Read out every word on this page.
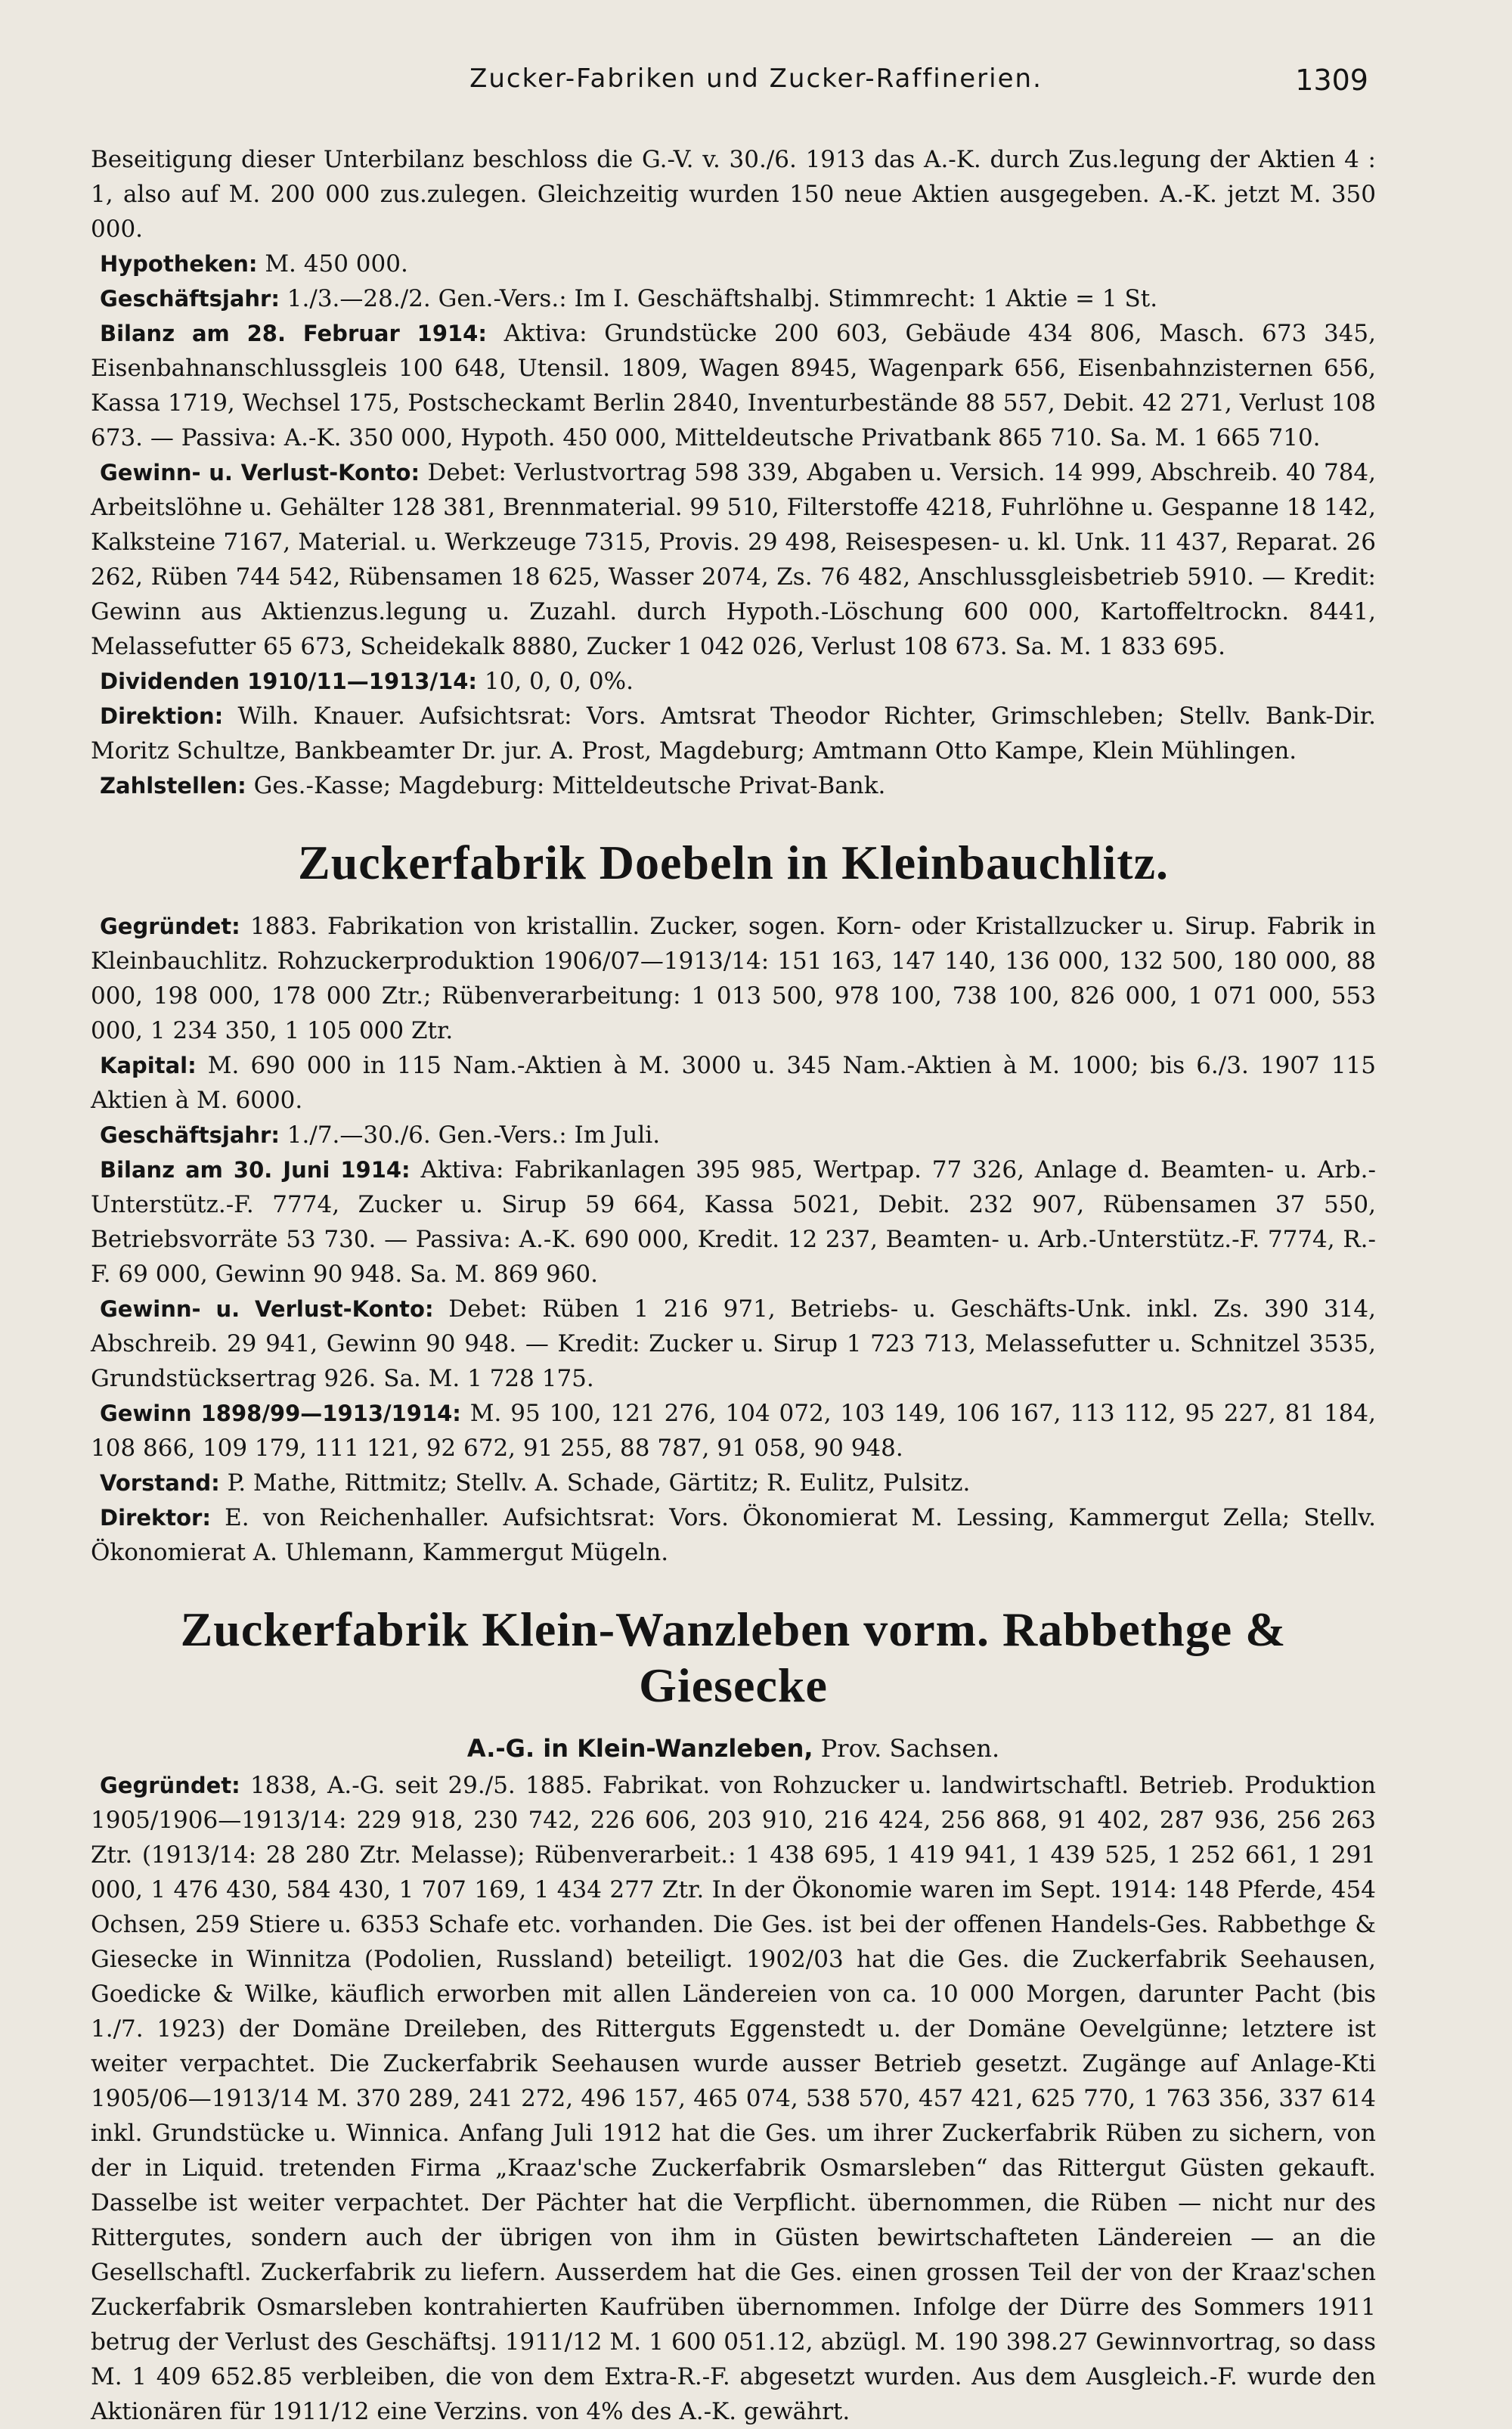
Zucker-Fabriken und Zucker-Raffinerien.	1309

Beseitigung dieser Unterbilanz beschloss die G.-V. v. 30./6. 1913 das A.-K. durch Zus.legung der Aktien 4 : 1, also auf M. 200 000 zus.zulegen. Gleichzeitig wurden 150 neue Aktien ausgegeben. A.-K. jetzt M. 350 000.

Hypotheken: M. 450 000.

Geschäftsjahr: 1./3.—28./2. Gen.-Vers.: Im I. Geschäftshalbj. Stimmrecht: 1 Aktie = 1 St.

Bilanz am 28. Februar 1914: Aktiva: Grundstücke 200 603, Gebäude 434 806, Masch. 673 345, Eisenbahnanschlussgleis 100 648, Utensil. 1809, Wagen 8945, Wagenpark 656, Eisenbahnzisternen 656, Kassa 1719, Wechsel 175, Postscheckamt Berlin 2840, Inventurbestände 88 557, Debit. 42 271, Verlust 108 673. — Passiva: A.-K. 350 000, Hypoth. 450 000, Mitteldeutsche Privatbank 865 710. Sa. M. 1 665 710.

Gewinn- u. Verlust-Konto: Debet: Verlustvortrag 598 339, Abgaben u. Versich. 14 999, Abschreib. 40 784, Arbeitslöhne u. Gehälter 128 381, Brennmaterial. 99 510, Filterstoffe 4218, Fuhrlöhne u. Gespanne 18 142, Kalksteine 7167, Material. u. Werkzeuge 7315, Provis. 29 498, Reisespesen- u. kl. Unk. 11 437, Reparat. 26 262, Rüben 744 542, Rübensamen 18 625, Wasser 2074, Zs. 76 482, Anschlussgleisbetrieb 5910. — Kredit: Gewinn aus Aktienzus.legung u. Zuzahl. durch Hypoth.-Löschung 600 000, Kartoffeltrockn. 8441, Melassefutter 65 673, Scheidekalk 8880, Zucker 1 042 026, Verlust 108 673. Sa. M. 1 833 695.

Dividenden 1910/11—1913/14: 10, 0, 0, 0%.

Direktion: Wilh. Knauer. Aufsichtsrat: Vors. Amtsrat Theodor Richter, Grimschleben; Stellv. Bank-Dir. Moritz Schultze, Bankbeamter Dr. jur. A. Prost, Magdeburg; Amtmann Otto Kampe, Klein Mühlingen.

Zahlstellen: Ges.-Kasse; Magdeburg: Mitteldeutsche Privat-Bank.

Zuckerfabrik Doebeln in Kleinbauchlitz.

Gegründet: 1883. Fabrikation von kristallin. Zucker, sogen. Korn- oder Kristallzucker u. Sirup. Fabrik in Kleinbauchlitz. Rohzuckerproduktion 1906/07—1913/14: 151 163, 147 140, 136 000, 132 500, 180 000, 88 000, 198 000, 178 000 Ztr.; Rübenverarbeitung: 1 013 500, 978 100, 738 100, 826 000, 1 071 000, 553 000, 1 234 350, 1 105 000 Ztr.

Kapital: M. 690 000 in 115 Nam.-Aktien à M. 3000 u. 345 Nam.-Aktien à M. 1000; bis 6./3. 1907 115 Aktien à M. 6000.

Geschäftsjahr: 1./7.—30./6. Gen.-Vers.: Im Juli.

Bilanz am 30. Juni 1914: Aktiva: Fabrikanlagen 395 985, Wertpap. 77 326, Anlage d. Beamten- u. Arb.-Unterstütz.-F. 7774, Zucker u. Sirup 59 664, Kassa 5021, Debit. 232 907, Rübensamen 37 550, Betriebsvorräte 53 730. — Passiva: A.-K. 690 000, Kredit. 12 237, Beamten- u. Arb.-Unterstütz.-F. 7774, R.-F. 69 000, Gewinn 90 948. Sa. M. 869 960.

Gewinn- u. Verlust-Konto: Debet: Rüben 1 216 971, Betriebs- u. Geschäfts-Unk. inkl. Zs. 390 314, Abschreib. 29 941, Gewinn 90 948. — Kredit: Zucker u. Sirup 1 723 713, Melassefutter u. Schnitzel 3535, Grundstücksertrag 926. Sa. M. 1 728 175.

Gewinn 1898/99—1913/1914: M. 95 100, 121 276, 104 072, 103 149, 106 167, 113 112, 95 227, 81 184, 108 866, 109 179, 111 121, 92 672, 91 255, 88 787, 91 058, 90 948.

Vorstand: P. Mathe, Rittmitz; Stellv. A. Schade, Gärtitz; R. Eulitz, Pulsitz.

Direktor: E. von Reichenhaller. Aufsichtsrat: Vors. Ökonomierat M. Lessing, Kammergut Zella; Stellv. Ökonomierat A. Uhlemann, Kammergut Mügeln.

Zuckerfabrik Klein-Wanzleben vorm. Rabbethge & Giesecke

A.-G. in Klein-Wanzleben, Prov. Sachsen.

Gegründet: 1838, A.-G. seit 29./5. 1885. Fabrikat. von Rohzucker u. landwirtschaftl. Betrieb. Produktion 1905/1906—1913/14: 229 918, 230 742, 226 606, 203 910, 216 424, 256 868, 91 402, 287 936, 256 263 Ztr. (1913/14: 28 280 Ztr. Melasse); Rübenverarbeit.: 1 438 695, 1 419 941, 1 439 525, 1 252 661, 1 291 000, 1 476 430, 584 430, 1 707 169, 1 434 277 Ztr. In der Ökonomie waren im Sept. 1914: 148 Pferde, 454 Ochsen, 259 Stiere u. 6353 Schafe etc. vorhanden. Die Ges. ist bei der offenen Handels-Ges. Rabbethge & Giesecke in Winnitza (Podolien, Russland) beteiligt. 1902/03 hat die Ges. die Zuckerfabrik Seehausen, Goedicke & Wilke, käuflich erworben mit allen Ländereien von ca. 10 000 Morgen, darunter Pacht (bis 1./7. 1923) der Domäne Dreileben, des Ritterguts Eggenstedt u. der Domäne Oevelgünne; letztere ist weiter verpachtet. Die Zuckerfabrik Seehausen wurde ausser Betrieb gesetzt. Zugänge auf Anlage-Kti 1905/06—1913/14 M. 370 289, 241 272, 496 157, 465 074, 538 570, 457 421, 625 770, 1 763 356, 337 614 inkl. Grundstücke u. Winnica. Anfang Juli 1912 hat die Ges. um ihrer Zuckerfabrik Rüben zu sichern, von der in Liquid. tretenden Firma „Kraaz'sche Zuckerfabrik Osmarsleben“ das Rittergut Güsten gekauft. Dasselbe ist weiter verpachtet. Der Pächter hat die Verpflicht. übernommen, die Rüben — nicht nur des Rittergutes, sondern auch der übrigen von ihm in Güsten bewirtschafteten Ländereien — an die Gesellschaftl. Zuckerfabrik zu liefern. Ausserdem hat die Ges. einen grossen Teil der von der Kraaz'schen Zuckerfabrik Osmarsleben kontrahierten Kaufrüben übernommen. Infolge der Dürre des Sommers 1911 betrug der Verlust des Geschäftsj. 1911/12 M. 1 600 051.12, abzügl. M. 190 398.27 Gewinnvortrag, so dass M. 1 409 652.85 verbleiben, die von dem Extra-R.-F. abgesetzt wurden. Aus dem Ausgleich.-F. wurde den Aktionären für 1911/12 eine Verzins. von 4% des A.-K. gewährt.
